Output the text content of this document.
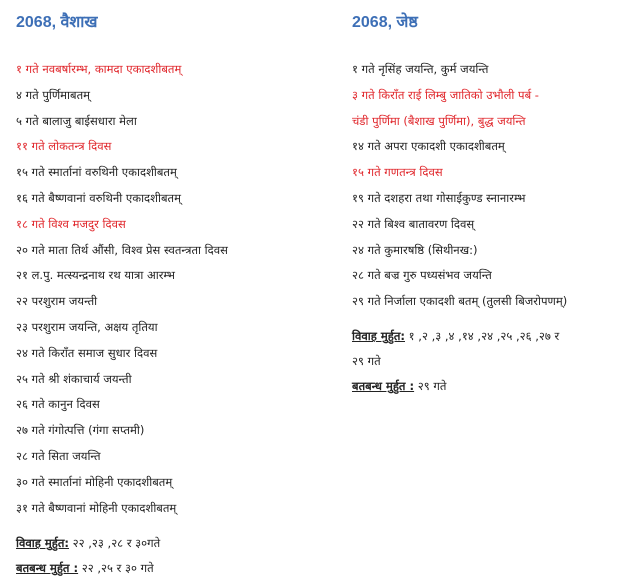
2068, वैशाख
१ गते नवबर्षारम्भ, कामदा एकादशीबतम्
४ गते पुर्णिमाबतम्
५ गते बालाजु बाईसधारा मेला
११ गते लोकतन्त्र दिवस
१५ गते स्मार्तानां वरुथिनी एकादशीबतम्
१६ गते बैष्णवानां वरुथिनी एकादशीबतम्
१८ गते विश्व मजदुर दिवस
२० गते माता तिर्थ औंसी, विश्व प्रेस स्वतन्त्रता दिवस
२१ ल.पु. मत्स्यन्द्रनाथ रथ यात्रा आरम्भ
२२ परशुराम जयन्ती
२३ परशुराम जयन्ति, अक्षय तृतिया
२४ गते किराँत समाज सुधार दिवस
२५ गते श्री शंकाचार्य जयन्ती
२६ गते कानुन दिवस
२७ गते गंगोत्पत्ति (गंगा सप्तमी)
२८ गते सिता जयन्ति
३० गते स्मार्तानां मोहिनी एकादशीबतम्
३१ गते बैष्णवानां मोहिनी एकादशीबतम्
विवाह मुर्हुत: २२ ,२३ ,२८ र ३०गते
बतबन्ध मुर्हुत : २२ ,२५ र ३० गते
2068, जेष्ठ
१ गते नृसिंह जयन्ति, कुर्म जयन्ति
३ गते किराँत राई लिम्बु जातिको उभौली पर्ब -
चंडी पुर्णिमा (बैशाख पुर्णिमा), बुद्ध जयन्ति
१४ गते अपरा एकादशी एकादशीबतम्
१५ गते गणतन्त्र दिवस
१९ गते दशहरा तथा गोसाईकुण्ड स्नानारम्भ
२२ गते बिश्व बातावरण दिवस्
२४ गते कुमारषष्ठि (सिथीनख:)
२८ गते बज्र गुरु पध्यसंभव जयन्ति
२९ गते निर्जाला एकादशी बतम् (तुलसी बिजरोपणम्)
विवाह मुर्हुत: १ ,२ ,३ ,४ ,१४ ,२४ ,२५ ,२६ ,२७ र
२९ गते
बतबन्ध मुर्हुत : २९ गते
